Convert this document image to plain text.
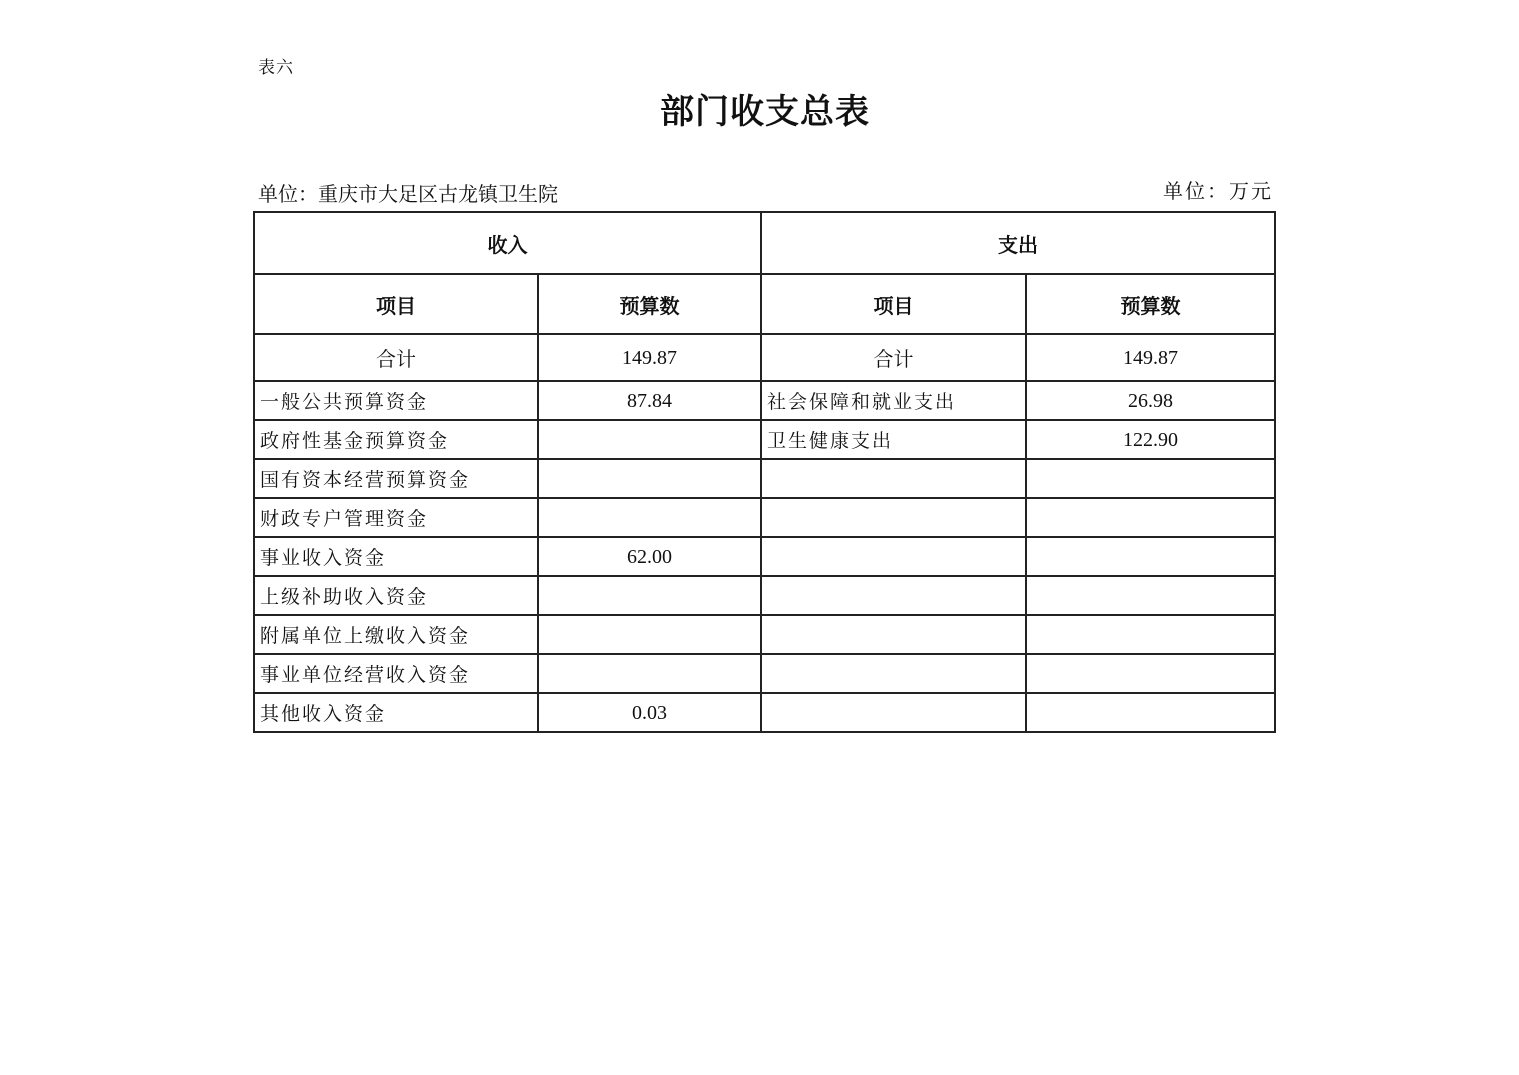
表六
部门收支总表
单位：重庆市大足区古龙镇卫生院	单位：万元
收入		支出	
项目	预算数	项目	预算数
合计	149.87	合计	149.87
一般公共预算资金	87.84	社会保障和就业支出	26.98
政府性基金预算资金		卫生健康支出	122.90
国有资本经营预算资金			
财政专户管理资金			
事业收入资金	62.00		
上级补助收入资金			
附属单位上缴收入资金			
事业单位经营收入资金			
其他收入资金	0.03		
